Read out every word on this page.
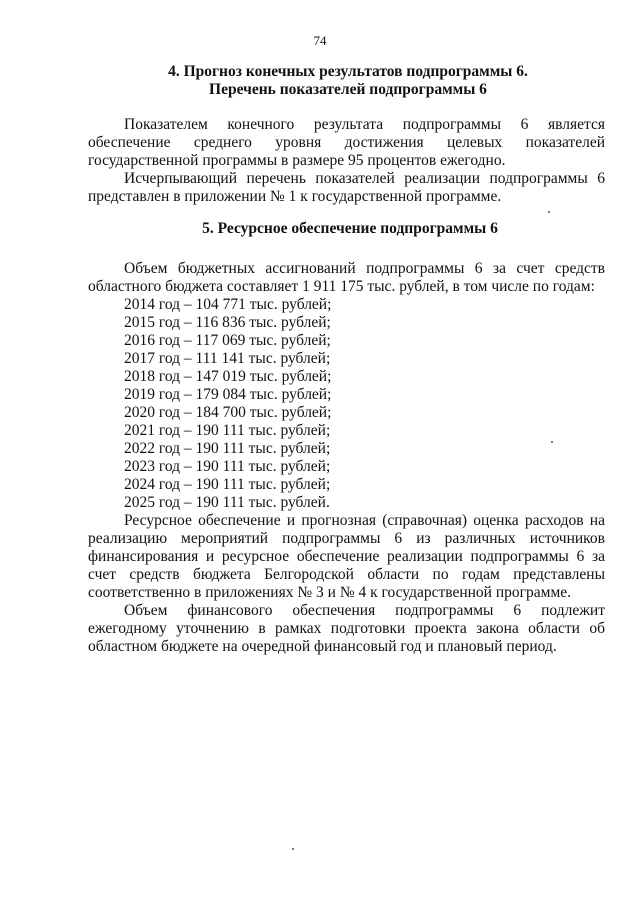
74
4. Прогноз конечных результатов подпрограммы 6.
Перечень показателей подпрограммы 6

Показателем конечного результата подпрограммы 6 является обеспечение среднего уровня достижения целевых показателей государственной программы в размере 95 процентов ежегодно.

Исчерпывающий перечень показателей реализации подпрограммы 6 представлен в приложении № 1 к государственной программе.

5. Ресурсное обеспечение подпрограммы 6

Объем бюджетных ассигнований подпрограммы 6 за счет средств областного бюджета составляет 1 911 175 тыс. рублей, в том числе по годам:

2014 год – 104 771 тыс. рублей;
2015 год – 116 836 тыс. рублей;
2016 год – 117 069 тыс. рублей;
2017 год – 111 141 тыс. рублей;
2018 год – 147 019 тыс. рублей;
2019 год – 179 084 тыс. рублей;
2020 год – 184 700 тыс. рублей;
2021 год – 190 111 тыс. рублей;
2022 год – 190 111 тыс. рублей;
2023 год – 190 111 тыс. рублей;
2024 год – 190 111 тыс. рублей;
2025 год – 190 111 тыс. рублей.

Ресурсное обеспечение и прогнозная (справочная) оценка расходов на реализацию мероприятий подпрограммы 6 из различных источников финансирования и ресурсное обеспечение реализации подпрограммы 6 за счет средств бюджета Белгородской области по годам представлены соответственно в приложениях № 3 и № 4 к государственной программе.

Объем финансового обеспечения подпрограммы 6 подлежит ежегодному уточнению в рамках подготовки проекта закона области об областном бюджете на очередной финансовый год и плановый период.
